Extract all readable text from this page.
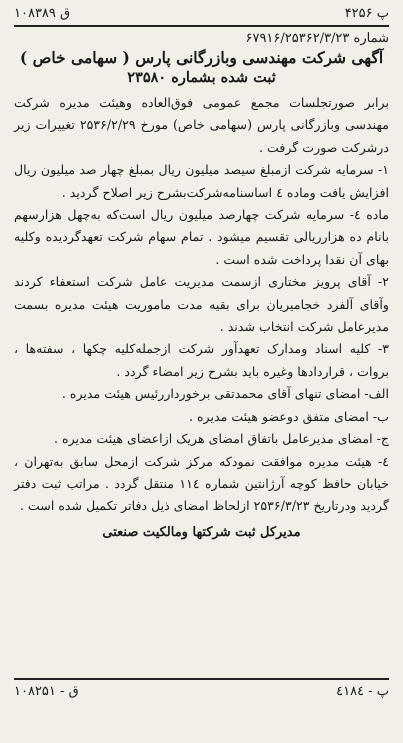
ق ۱۰۸۳۸۹	پ ۴۲۵۶
شماره ۶۷۹۱۶/۲۵۳۶۲/۳/۲۳
آگهی شرکت مهندسی وبازرگانی پارس ( سهامی خاص )
ثبت شده بشماره ۲۳۵۸۰
برابر صورتجلسات مجمع عمومی فوق‌العاده وهیئت مدیره شرکت مهندسی وبازرگانی پارس (سهامی خاص) مورخ ۲۵۳۶/۲/۲۹ تغییرات زیر درشرکت صورت گرفت .
۱- سرمایه شرکت ازمبلغ سیصد میلیون ریال بمبلغ چهار صد میلیون ریال افزایش یافت وماده ٤ اساسنامه‌شرکت‌بشرح زیر اصلاح گردید .
ماده ٤- سرمایه شرکت چهارصد میلیون ریال است‌که به‌چهل هزارسهم بانام ده هزارریالی تقسیم میشود . تمام سهام شرکت تعهدگردیده وکلیه بهای آن نقدا پرداخت شده است .
۲- آقای پرویز مختاری ازسمت مدیریت عامل شرکت استعفاء کردند وآقای آلفرد خجامیریان برای بقیه مدت ماموریت هیئت مدیره بسمت مدیرعامل شرکت انتخاب شدند .
۳- کلیه اسناد ومدارک تعهدآور شرکت ازجمله‌کلیه چکها ، سفته‌ها ، بروات ، قراردادها وغیره باید بشرح زیر امضاء گردد .
الف- امضای تنهای آقای محمدتقی برخورداررئیس هیئت مدیره .
ب- امضای متفق دوعضو هیئت مدیره .
ج- امضای مدیرعامل باتفاق امضای هریک ازاعضای هیئت مدیره .
٤- هیئت مدیره موافقت نمودکه مرکز شرکت ازمحل سابق به‌تهران ، خیابان حافظ کوچه آرژانتین شماره ۱۱٤ منتقل گردد . مراتب ثبت دفتر گردید ودرتاریخ ۲۵۳۶/۳/۲۳ ازلحاظ امضای ذیل دفاتر تکمیل شده است .
مدیرکل ثبت شرکتها ومالکیت صنعتی
ق - ۱۰۸۲۵۱	پ - ٤١٨٤
